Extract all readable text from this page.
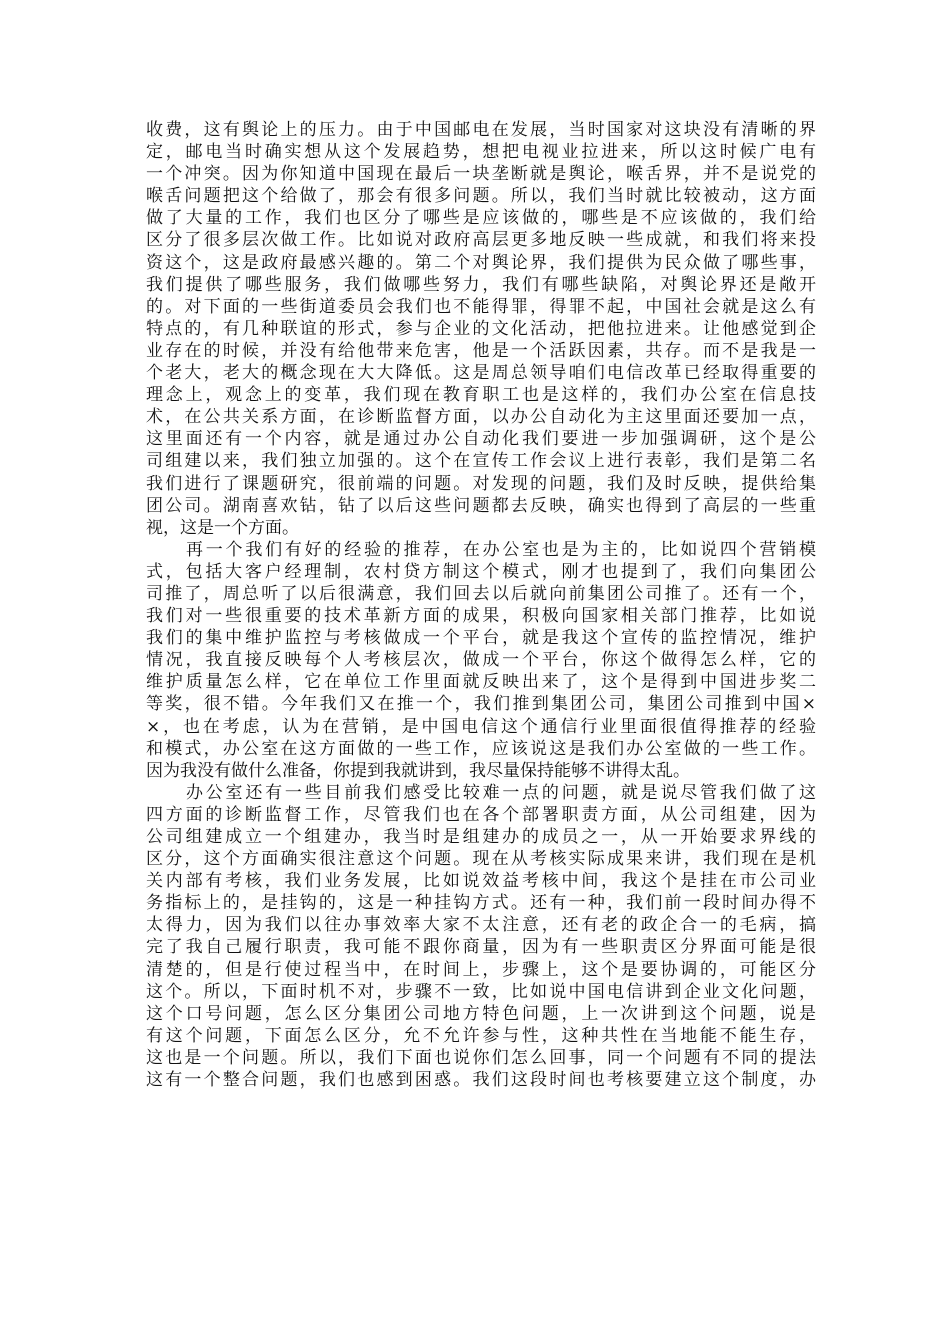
收费，这有舆论上的压力。由于中国邮电在发展，当时国家对这块没有清晰的界
定，邮电当时确实想从这个发展趋势，想把电视业拉进来，所以这时候广电有
一个冲突。因为你知道中国现在最后一块垄断就是舆论，喉舌界，并不是说党的
喉舌问题把这个给做了，那会有很多问题。所以，我们当时就比较被动，这方面
做了大量的工作，我们也区分了哪些是应该做的，哪些是不应该做的，我们给
区分了很多层次做工作。比如说对政府高层更多地反映一些成就，和我们将来投
资这个，这是政府最感兴趣的。第二个对舆论界，我们提供为民众做了哪些事，
我们提供了哪些服务，我们做哪些努力，我们有哪些缺陷，对舆论界还是敞开
的。对下面的一些街道委员会我们也不能得罪，得罪不起，中国社会就是这么有
特点的，有几种联谊的形式，参与企业的文化活动，把他拉进来。让他感觉到企
业存在的时候，并没有给他带来危害，他是一个活跃因素，共存。而不是我是一
个老大，老大的概念现在大大降低。这是周总领导咱们电信改革已经取得重要的
理念上，观念上的变革，我们现在教育职工也是这样的，我们办公室在信息技
术，在公共关系方面，在诊断监督方面，以办公自动化为主这里面还要加一点，
这里面还有一个内容，就是通过办公自动化我们要进一步加强调研，这个是公
司组建以来，我们独立加强的。这个在宣传工作会议上进行表彰，我们是第二名
我们进行了课题研究，很前端的问题。对发现的问题，我们及时反映，提供给集
团公司。湖南喜欢钻，钻了以后这些问题都去反映，确实也得到了高层的一些重
视，这是一个方面。
再一个我们有好的经验的推荐，在办公室也是为主的，比如说四个营销模
式，包括大客户经理制，农村贷方制这个模式，刚才也提到了，我们向集团公
司推了，周总听了以后很满意，我们回去以后就向前集团公司推了。还有一个，
我们对一些很重要的技术革新方面的成果，积极向国家相关部门推荐，比如说
我们的集中维护监控与考核做成一个平台，就是我这个宣传的监控情况，维护
情况，我直接反映每个人考核层次，做成一个平台，你这个做得怎么样，它的
维护质量怎么样，它在单位工作里面就反映出来了，这个是得到中国进步奖二
等奖，很不错。今年我们又在推一个，我们推到集团公司，集团公司推到中国×
×，也在考虑，认为在营销，是中国电信这个通信行业里面很值得推荐的经验
和模式，办公室在这方面做的一些工作，应该说这是我们办公室做的一些工作。
因为我没有做什么准备，你提到我就讲到，我尽量保持能够不讲得太乱。
办公室还有一些目前我们感受比较难一点的问题，就是说尽管我们做了这
四方面的诊断监督工作，尽管我们也在各个部署职责方面，从公司组建，因为
公司组建成立一个组建办，我当时是组建办的成员之一，从一开始要求界线的
区分，这个方面确实很注意这个问题。现在从考核实际成果来讲，我们现在是机
关内部有考核，我们业务发展，比如说效益考核中间，我这个是挂在市公司业
务指标上的，是挂钩的，这是一种挂钩方式。还有一种，我们前一段时间办得不
太得力，因为我们以往办事效率大家不太注意，还有老的政企合一的毛病，搞
完了我自己履行职责，我可能不跟你商量，因为有一些职责区分界面可能是很
清楚的，但是行使过程当中，在时间上，步骤上，这个是要协调的，可能区分
这个。所以，下面时机不对，步骤不一致，比如说中国电信讲到企业文化问题，
这个口号问题，怎么区分集团公司地方特色问题，上一次讲到这个问题，说是
有这个问题，下面怎么区分，允不允许参与性，这种共性在当地能不能生存，
这也是一个问题。所以，我们下面也说你们怎么回事，同一个问题有不同的提法
这有一个整合问题，我们也感到困惑。我们这段时间也考核要建立这个制度，办
